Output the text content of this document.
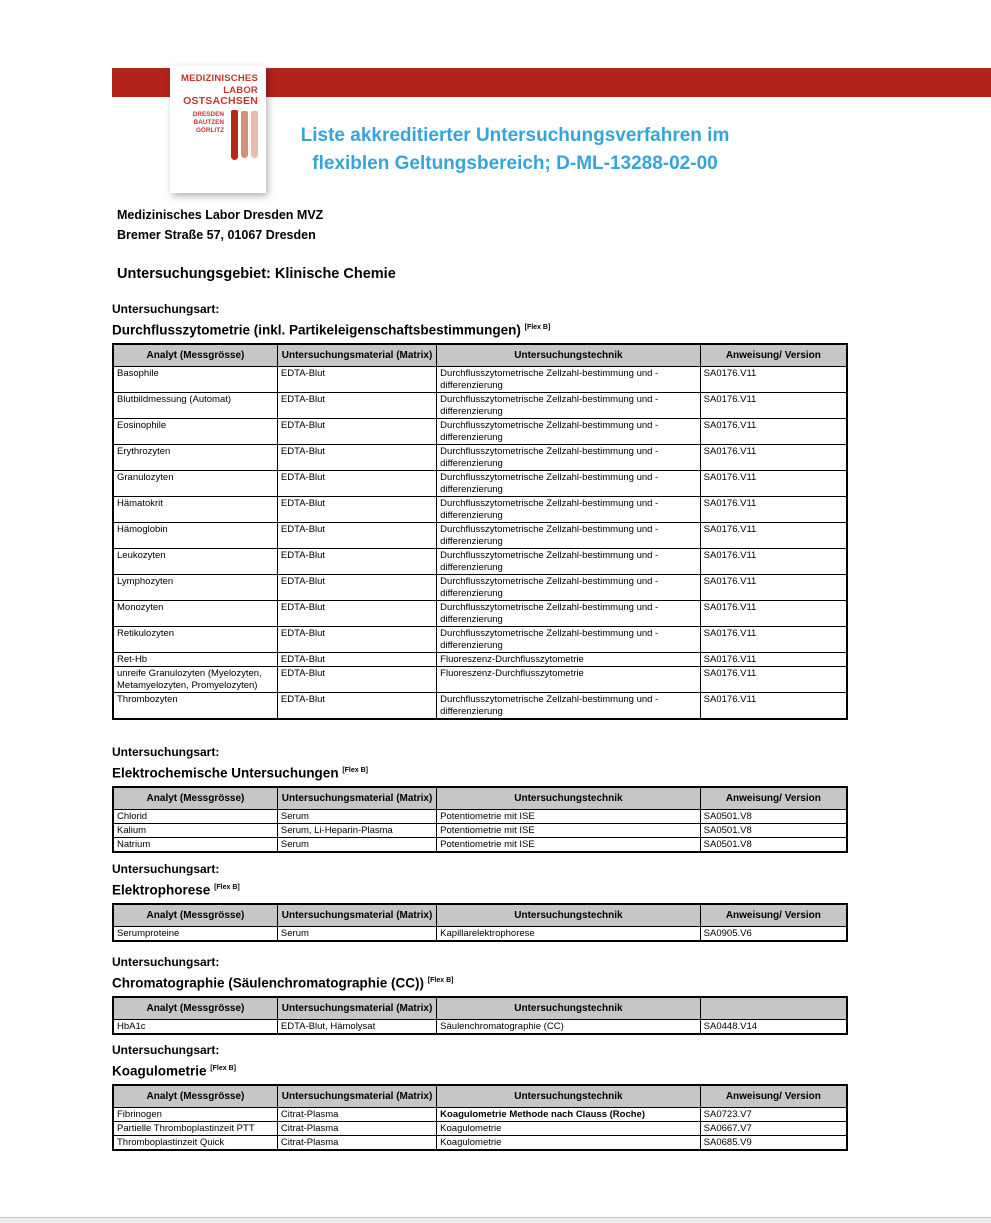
MEDIZINISCHES
LABOR
OSTSACHSEN
DRESDEN
BAUTZEN
GÖRLITZ	Liste akkreditierter Untersuchungsverfahren im
flexiblen Geltungsbereich; D-ML-13288-02-00
Medizinisches Labor Dresden MVZ
Bremer Straße 57, 01067 Dresden
Untersuchungsgebiet: Klinische Chemie
Untersuchungsart:
Durchflusszytometrie (inkl. Partikeleigenschaftsbestimmungen) [Flex B]
Analyt (Messgrösse)	Untersuchungsmaterial (Matrix)	Untersuchungstechnik	Anweisung/ Version
Basophile	EDTA-Blut	Durchflusszytometrische Zellzahl-bestimmung und -differenzierung	SA0176.V11
Blutbildmessung (Automat)	EDTA-Blut	Durchflusszytometrische Zellzahl-bestimmung und -differenzierung	SA0176.V11
Eosinophile	EDTA-Blut	Durchflusszytometrische Zellzahl-bestimmung und -differenzierung	SA0176.V11
Erythrozyten	EDTA-Blut	Durchflusszytometrische Zellzahl-bestimmung und -differenzierung	SA0176.V11
Granulozyten	EDTA-Blut	Durchflusszytometrische Zellzahl-bestimmung und -differenzierung	SA0176.V11
Hämatokrit	EDTA-Blut	Durchflusszytometrische Zellzahl-bestimmung und -differenzierung	SA0176.V11
Hämoglobin	EDTA-Blut	Durchflusszytometrische Zellzahl-bestimmung und -differenzierung	SA0176.V11
Leukozyten	EDTA-Blut	Durchflusszytometrische Zellzahl-bestimmung und -differenzierung	SA0176.V11
Lymphozyten	EDTA-Blut	Durchflusszytometrische Zellzahl-bestimmung und -differenzierung	SA0176.V11
Monozyten	EDTA-Blut	Durchflusszytometrische Zellzahl-bestimmung und -differenzierung	SA0176.V11
Retikulozyten	EDTA-Blut	Durchflusszytometrische Zellzahl-bestimmung und -differenzierung	SA0176.V11
Ret-Hb	EDTA-Blut	Fluoreszenz-Durchflusszytometrie	SA0176.V11
unreife Granulozyten (Myelozyten, Metamyelozyten, Promyelozyten)	EDTA-Blut	Fluoreszenz-Durchflusszytometrie	SA0176.V11
Thrombozyten	EDTA-Blut	Durchflusszytometrische Zellzahl-bestimmung und -differenzierung	SA0176.V11
Untersuchungsart:
Elektrochemische Untersuchungen [Flex B]
Analyt (Messgrösse)	Untersuchungsmaterial (Matrix)	Untersuchungstechnik	Anweisung/ Version
Chlorid	Serum	Potentiometrie mit ISE	SA0501.V8
Kalium	Serum, Li-Heparin-Plasma	Potentiometrie mit ISE	SA0501.V8
Natrium	Serum	Potentiometrie mit ISE	SA0501.V8
Untersuchungsart:
Elektrophorese [Flex B]
Analyt (Messgrösse)	Untersuchungsmaterial (Matrix)	Untersuchungstechnik	Anweisung/ Version
Serumproteine	Serum	Kapillarelektrophorese	SA0905.V6
Untersuchungsart:
Chromatographie (Säulenchromatographie (CC)) [Flex B]
Analyt (Messgrösse)	Untersuchungsmaterial (Matrix)	Untersuchungstechnik	
HbA1c	EDTA-Blut, Hämolysat	Säulenchromatographie (CC)	SA0448.V14
Untersuchungsart:
Koagulometrie [Flex B]
Analyt (Messgrösse)	Untersuchungsmaterial (Matrix)	Untersuchungstechnik	Anweisung/ Version
Fibrinogen	Citrat-Plasma	Koagulometrie Methode nach Clauss (Roche)	SA0723.V7
Partielle Thromboplastinzeit PTT	Citrat-Plasma	Koagulometrie	SA0667.V7
Thromboplastinzeit Quick	Citrat-Plasma	Koagulometrie	SA0685.V9
